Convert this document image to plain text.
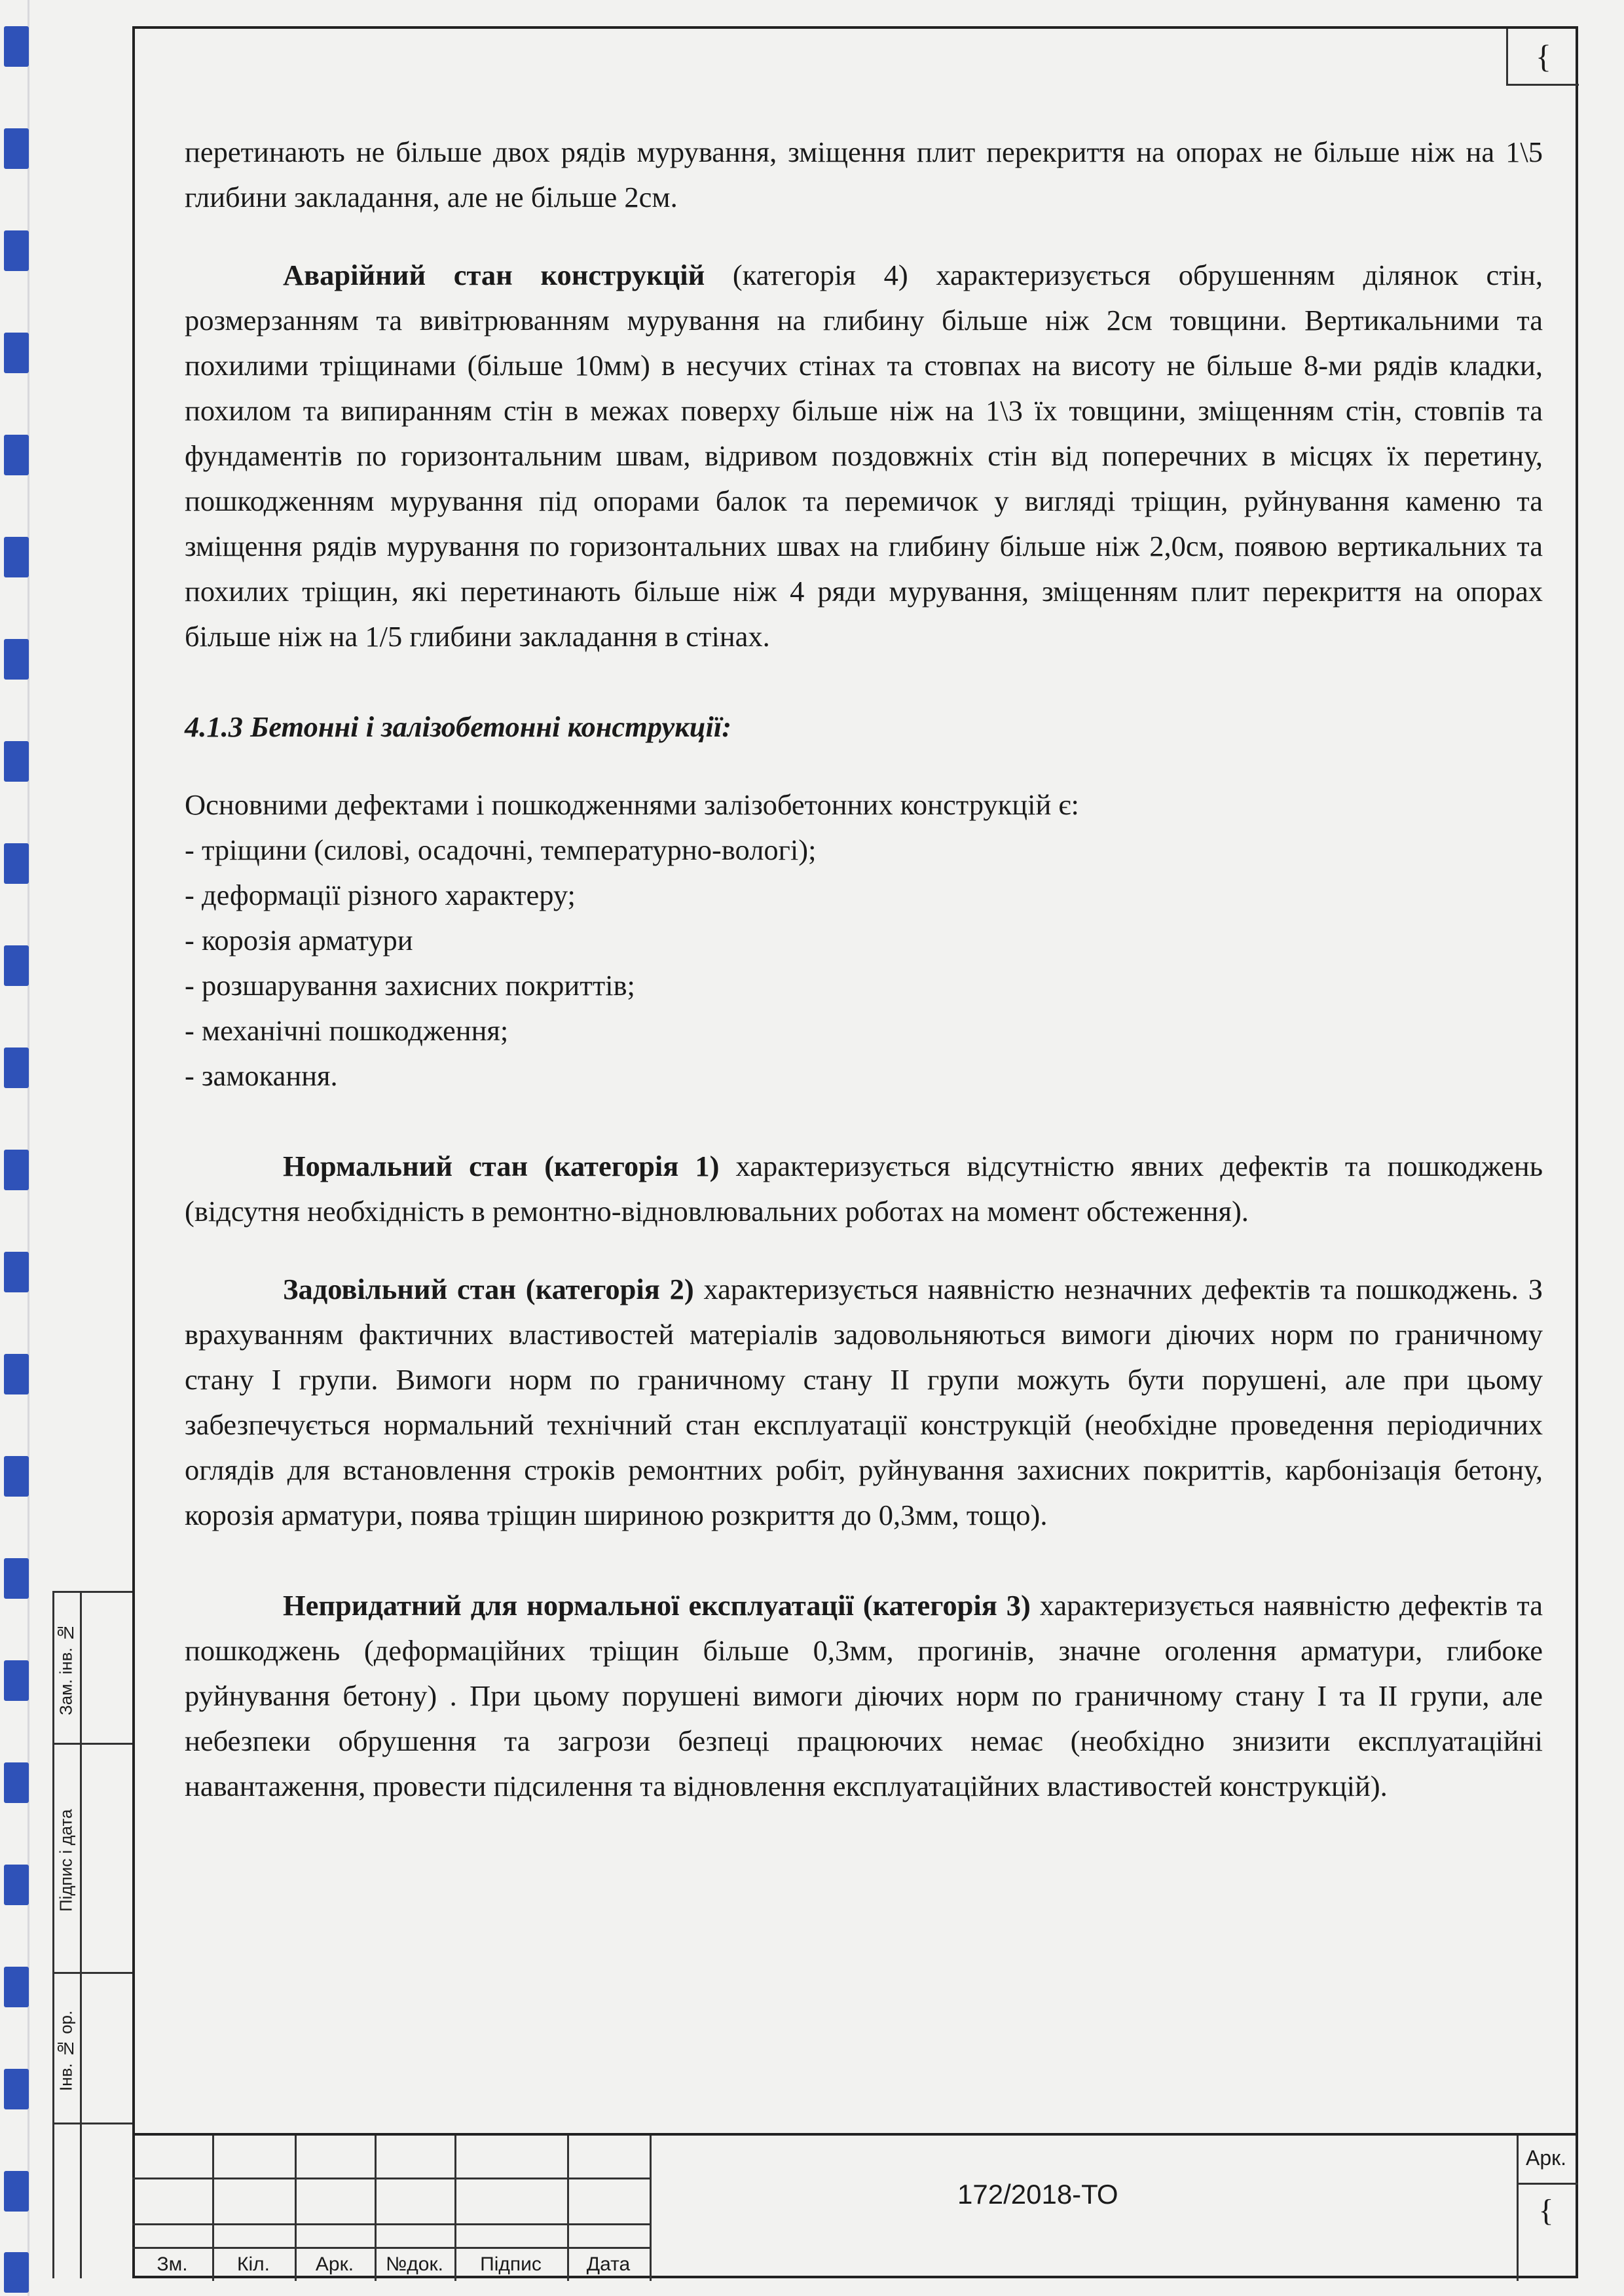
{

перетинають не більше двох рядів мурування, зміщення плит перекриття на опорах не більше ніж на 1\5 глибини закладання, але не більше 2см.

Аварійний стан конструкцій (категорія 4) характеризується обрушенням ділянок стін, розмерзанням та вивітрюванням мурування на глибину більше ніж 2см товщини. Вертикальними та похилими тріщинами (більше 10мм) в несучих стінах та стовпах на висоту не більше 8-ми рядів кладки, похилом та випиранням стін в межах поверху більше ніж на 1\3 їх товщини, зміщенням стін, стовпів та фундаментів по горизонтальним швам, відривом поздовжніх стін від поперечних в місцях їх перетину, пошкодженням мурування під опорами балок та перемичок у вигляді тріщин, руйнування каменю та зміщення рядів мурування по горизонтальних швах на глибину більше ніж 2,0см, появою вертикальних та похилих тріщин, які перетинають більше ніж 4 ряди мурування, зміщенням плит перекриття на опорах більше ніж на 1/5 глибини закладання в стінах.

4.1.3 Бетонні і залізобетонні конструкції:

Основними дефектами і пошкодженнями залізобетонних конструкцій є:

- тріщини (силові, осадочні, температурно-вологі);

- деформації різного характеру;

- корозія арматури

- розшарування захисних покриттів;

- механічні пошкодження;

- замокання.

Нормальний стан (категорія 1) характеризується відсутністю явних дефектів та пошкоджень (відсутня необхідність в ремонтно-відновлювальних роботах на момент обстеження).

Задовільний стан (категорія 2) характеризується наявністю незначних дефектів та пошкоджень. З врахуванням фактичних властивостей матеріалів задовольняються вимоги діючих норм по граничному стану І групи. Вимоги норм по граничному стану ІІ групи можуть бути порушені, але при цьому забезпечується нормальний технічний стан експлуатації конструкцій (необхідне проведення періодичних оглядів для встановлення строків ремонтних робіт, руйнування захисних покриттів, карбонізація бетону, корозія арматури, поява тріщин шириною розкриття до 0,3мм, тощо).

Непридатний для нормальної експлуатації (категорія 3) характеризується наявністю дефектів та пошкоджень (деформаційних тріщин більше 0,3мм, прогинів, значне оголення арматури, глибоке руйнування бетону) . При цьому порушені вимоги діючих норм по граничному стану І та ІІ групи, але небезпеки обрушення та загрози безпеці працюючих немає (необхідно знизити експлуатаційні навантаження, провести підсилення та відновлення експлуатаційних властивостей конструкцій).

Зам. інв. №
Підпис і дата
Інв. № ор.
Зм.	Кіл.	Арк.	№док.	Підпис	Дата
172/2018-ТО
Арк.
{
